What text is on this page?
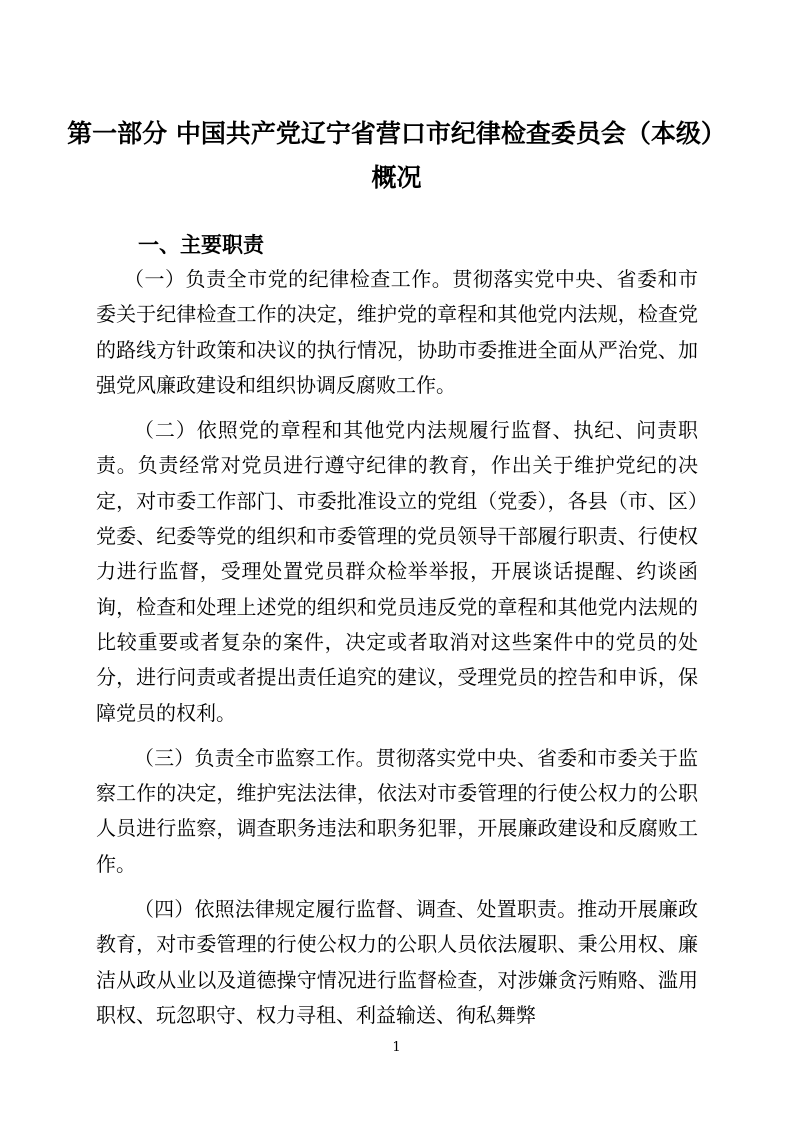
第一部分 中国共产党辽宁省营口市纪律检查委员会（本级）
概况
一、主要职责

（一）负责全市党的纪律检查工作。贯彻落实党中央、省委和市委关于纪律检查工作的决定，维护党的章程和其他党内法规，检查党的路线方针政策和决议的执行情况，协助市委推进全面从严治党、加强党风廉政建设和组织协调反腐败工作。

（二）依照党的章程和其他党内法规履行监督、执纪、问责职责。负责经常对党员进行遵守纪律的教育，作出关于维护党纪的决定，对市委工作部门、市委批准设立的党组（党委），各县（市、区）党委、纪委等党的组织和市委管理的党员领导干部履行职责、行使权力进行监督，受理处置党员群众检举举报，开展谈话提醒、约谈函询，检查和处理上述党的组织和党员违反党的章程和其他党内法规的比较重要或者复杂的案件，决定或者取消对这些案件中的党员的处分，进行问责或者提出责任追究的建议，受理党员的控告和申诉，保障党员的权利。

（三）负责全市监察工作。贯彻落实党中央、省委和市委关于监察工作的决定，维护宪法法律，依法对市委管理的行使公权力的公职人员进行监察，调查职务违法和职务犯罪，开展廉政建设和反腐败工作。

（四）依照法律规定履行监督、调查、处置职责。推动开展廉政教育，对市委管理的行使公权力的公职人员依法履职、秉公用权、廉洁从政从业以及道德操守情况进行监督检查，对涉嫌贪污贿赂、滥用职权、玩忽职守、权力寻租、利益输送、徇私舞弊

1
